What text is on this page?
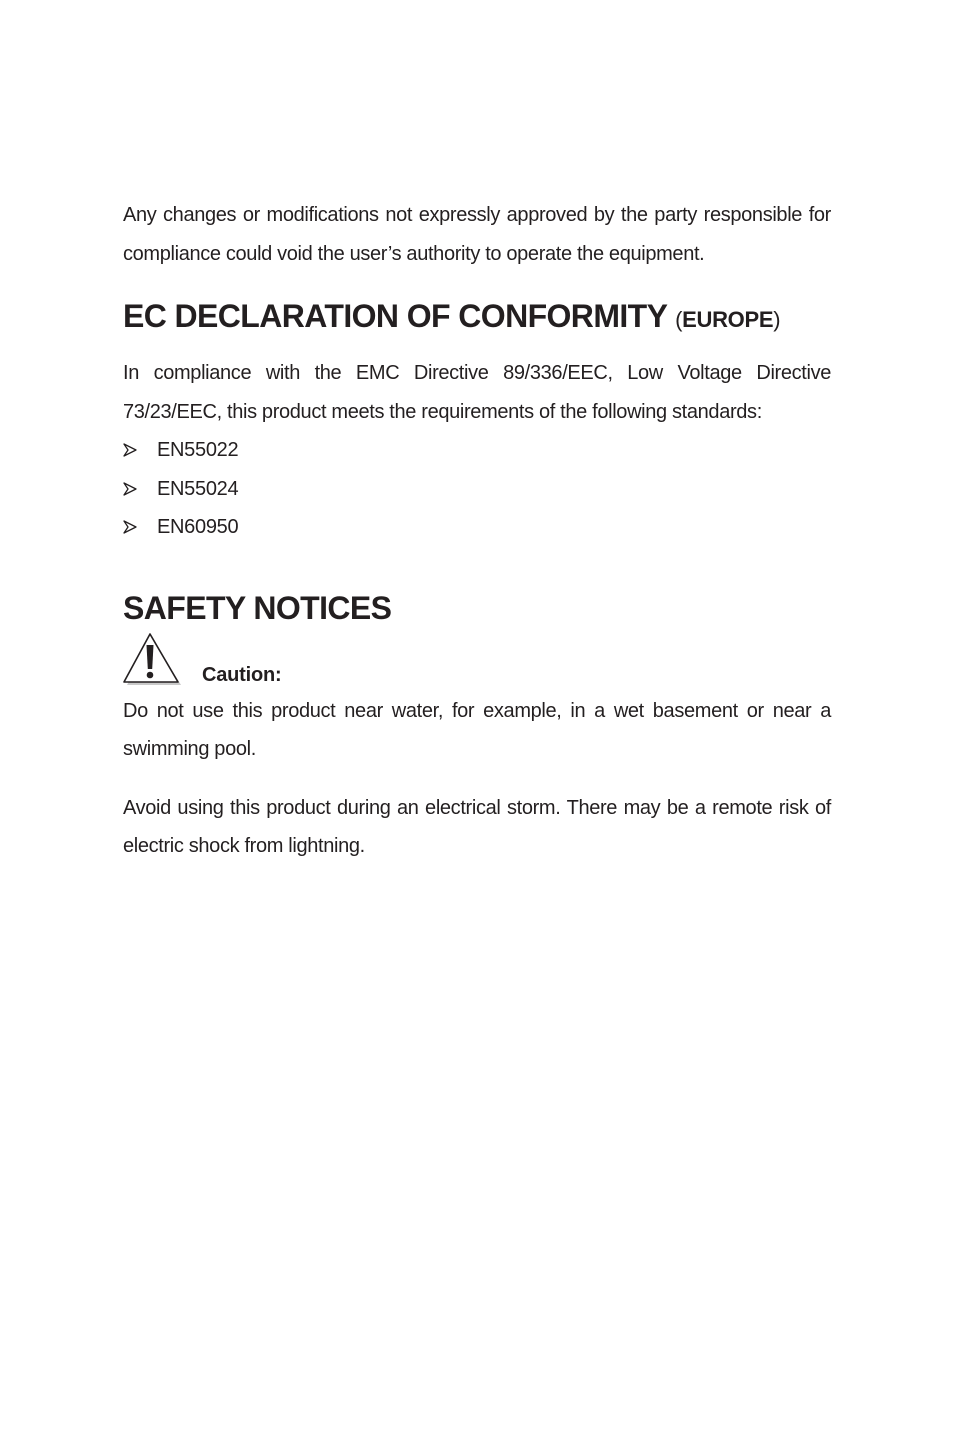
Any changes or modifications not expressly approved by the party responsible for compliance could void the user’s authority to operate the equipment.

EC DECLARATION OF CONFORMITY (EUROPE)

In compliance with the EMC Directive 89/336/EEC, Low Voltage Directive 73/23/EEC, this product meets the requirements of the following standards:

EN55022
EN55024
EN60950
SAFETY NOTICES
Caution:

Do not use this product near water, for example, in a wet basement or near a swimming pool.

Avoid using this product during an electrical storm. There may be a remote risk of electric shock from lightning.
